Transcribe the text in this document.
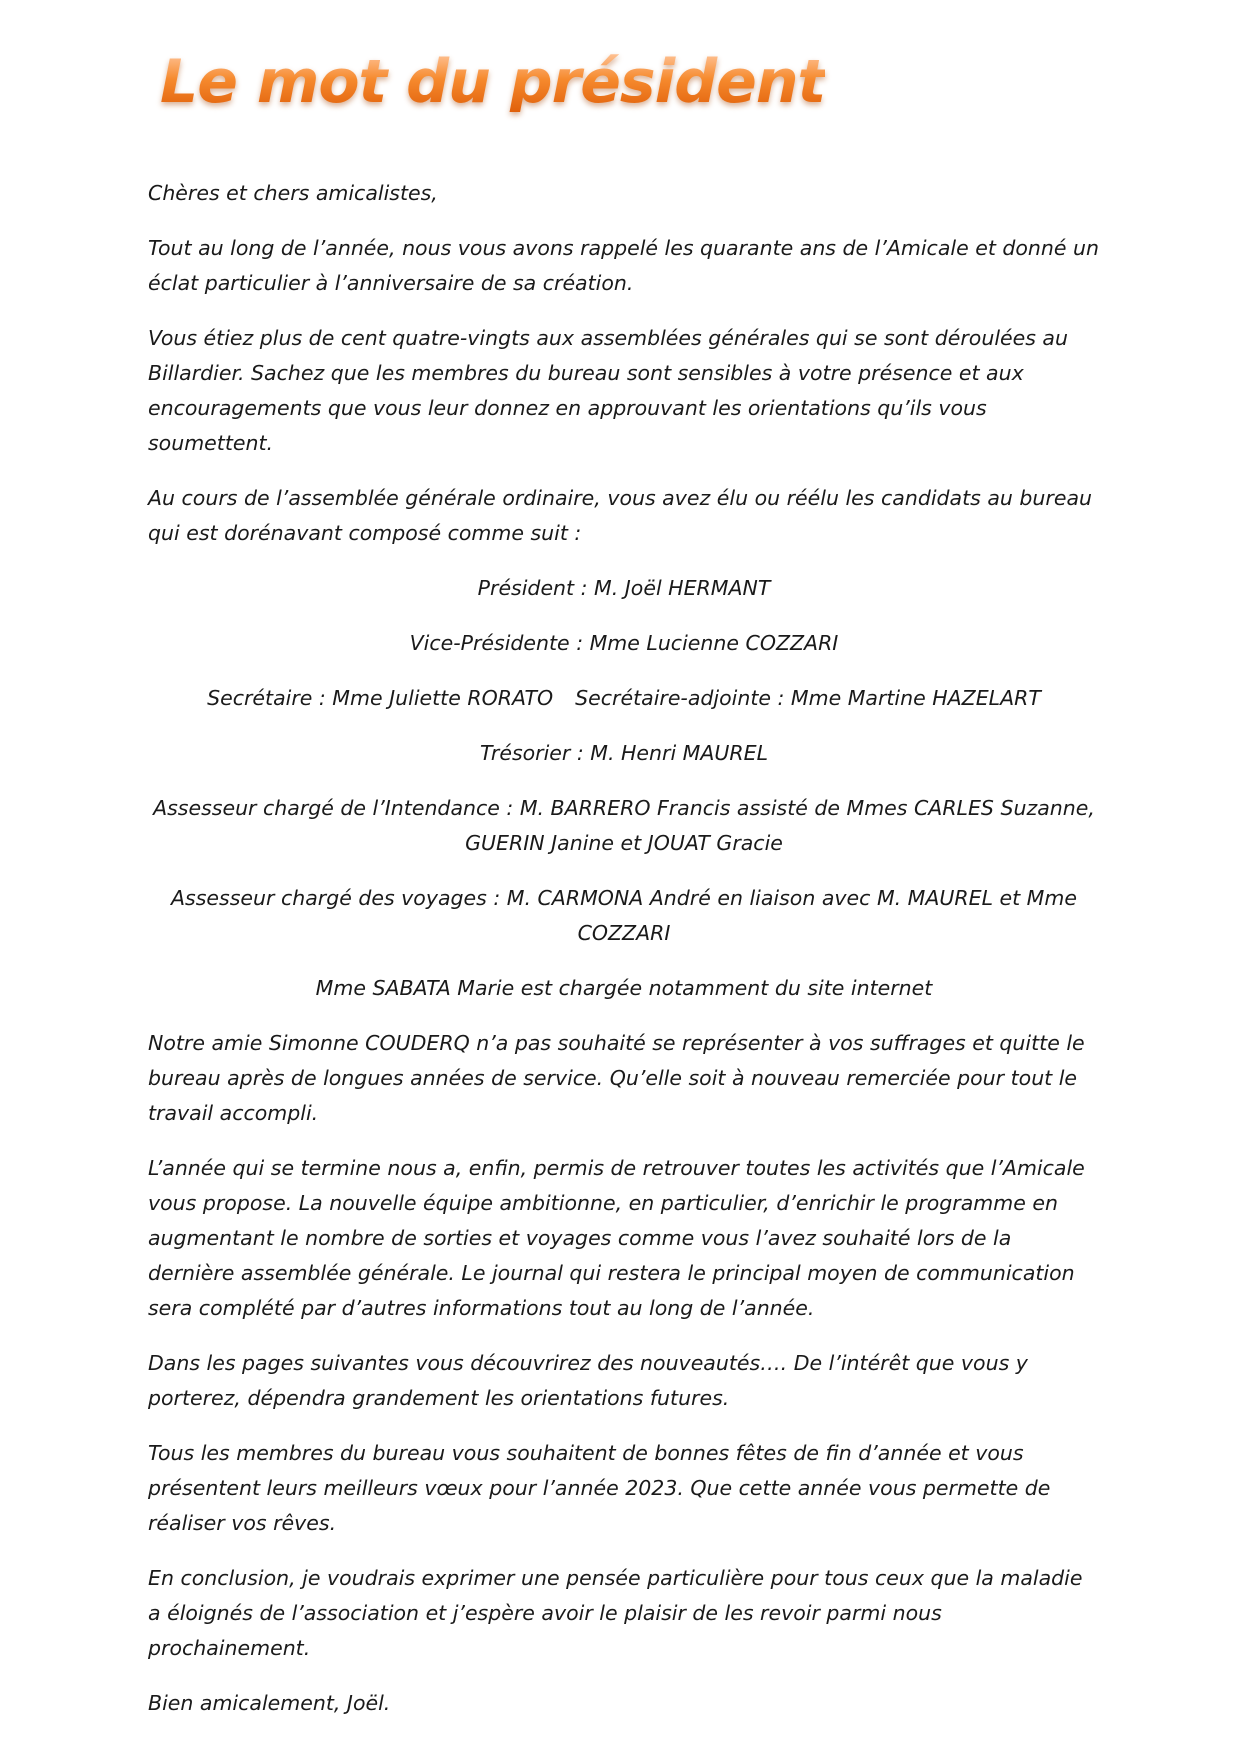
Le mot du président

Chères et chers amicalistes,

Tout au long de l’année, nous vous avons rappelé les quarante ans de l’Amicale et donné un éclat particulier à l’anniversaire de sa création.

Vous étiez plus de cent quatre-vingts aux assemblées générales qui se sont déroulées au Billardier. Sachez que les membres du bureau sont sensibles à votre présence et aux encouragements que vous leur donnez en approuvant les orientations qu’ils vous soumettent.

Au cours de l’assemblée générale ordinaire, vous avez élu ou réélu les candidats au bureau qui est dorénavant composé comme suit :

Président : M. Joël HERMANT

Vice-Présidente : Mme Lucienne COZZARI

Secrétaire : Mme Juliette RORATO Secrétaire-adjointe : Mme Martine HAZELART

Trésorier : M. Henri MAUREL

Assesseur chargé de l’Intendance : M. BARRERO Francis assisté de Mmes CARLES Suzanne, GUERIN Janine et JOUAT Gracie

Assesseur chargé des voyages : M. CARMONA André en liaison avec M. MAUREL et Mme COZZARI

Mme SABATA Marie est chargée notamment du site internet

Notre amie Simonne COUDERQ n’a pas souhaité se représenter à vos suffrages et quitte le bureau après de longues années de service. Qu’elle soit à nouveau remerciée pour tout le travail accompli.

L’année qui se termine nous a, enfin, permis de retrouver toutes les activités que l’Amicale vous propose. La nouvelle équipe ambitionne, en particulier, d’enrichir le programme en augmentant le nombre de sorties et voyages comme vous l’avez souhaité lors de la dernière assemblée générale. Le journal qui restera le principal moyen de communication sera complété par d’autres informations tout au long de l’année.

Dans les pages suivantes vous découvrirez des nouveautés…. De l’intérêt que vous y porterez, dépendra grandement les orientations futures.

Tous les membres du bureau vous souhaitent de bonnes fêtes de fin d’année et vous présentent leurs meilleurs vœux pour l’année 2023. Que cette année vous permette de réaliser vos rêves.

En conclusion, je voudrais exprimer une pensée particulière pour tous ceux que la maladie a éloignés de l’association et j’espère avoir le plaisir de les revoir parmi nous prochainement.

Bien amicalement, Joël.
